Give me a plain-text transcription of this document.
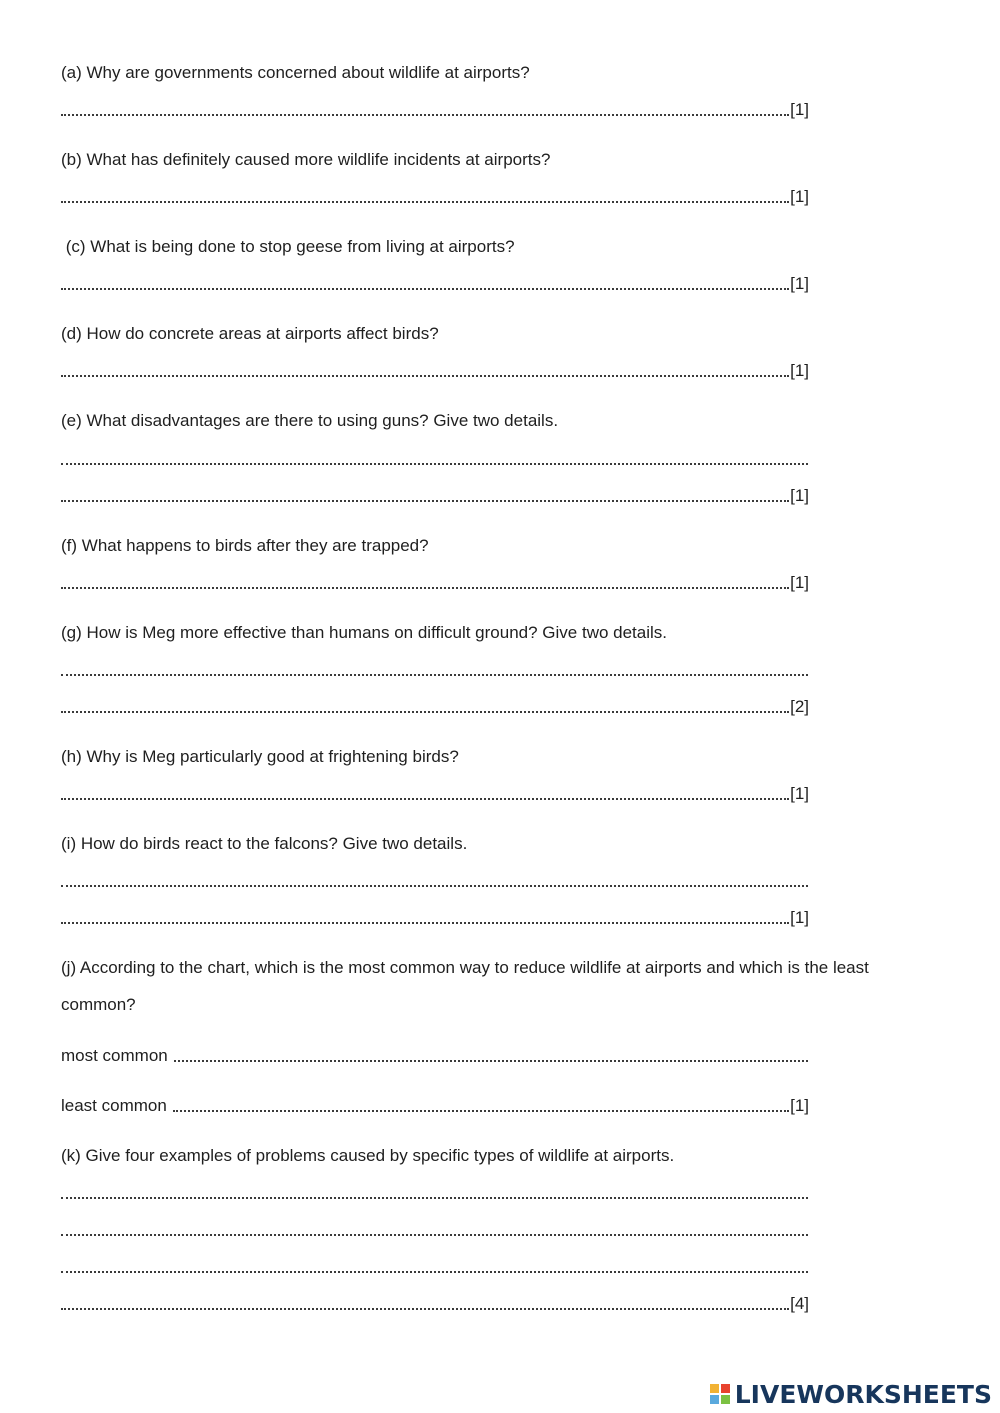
(a) Why are governments concerned about wildlife at airports?
[1]
(b) What has definitely caused more wildlife incidents at airports?
[1]
(c) What is being done to stop geese from living at airports?
[1]
(d) How do concrete areas at airports affect birds?
[1]
(e) What disadvantages are there to using guns? Give two details.
[1]
(f) What happens to birds after they are trapped?
[1]
(g) How is Meg more effective than humans on difficult ground? Give two details.
[2]
(h) Why is Meg particularly good at frightening birds?
[1]
(i) How do birds react to the falcons? Give two details.
[1]
(j) According to the chart, which is the most common way to reduce wildlife at airports and which is the least common?
most common
least common	[1]
(k) Give four examples of problems caused by specific types of wildlife at airports.
[4]
LIVEWORKSHEETS
